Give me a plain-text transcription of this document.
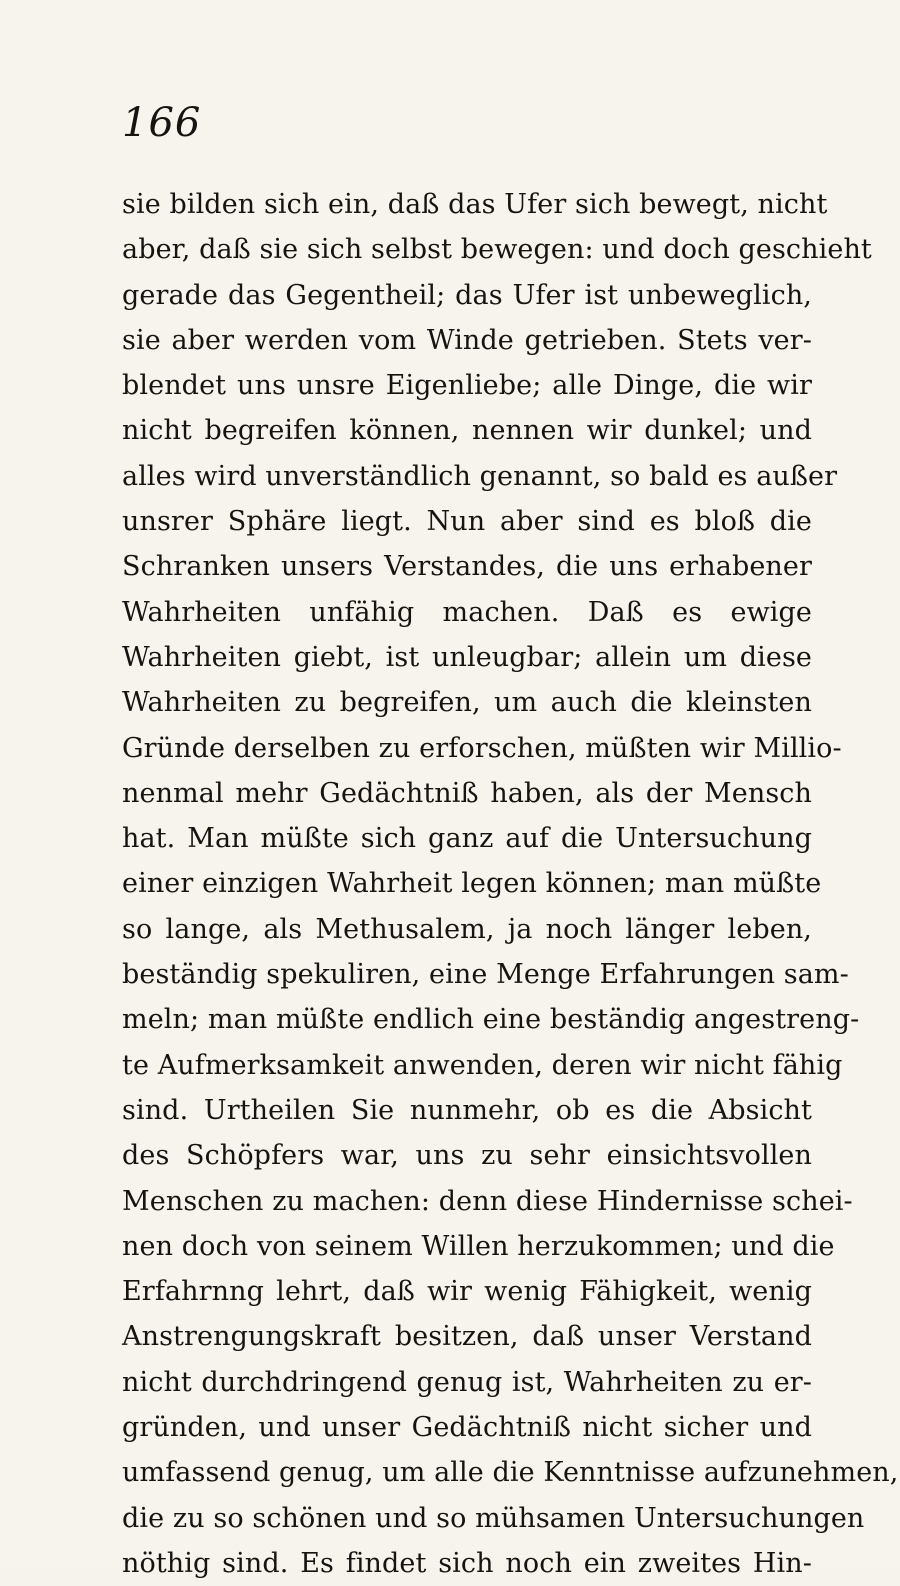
166
sie bilden sich ein, daß das Ufer sich bewegt, nicht
aber, daß sie sich selbst bewegen: und doch geschieht
gerade das Gegentheil; das Ufer ist unbeweglich,
sie aber werden vom Winde getrieben. Stets ver-
blendet uns unsre Eigenliebe; alle Dinge, die wir
nicht begreifen können, nennen wir dunkel; und
alles wird unverständlich genannt, so bald es außer
unsrer Sphäre liegt. Nun aber sind es bloß die
Schranken unsers Verstandes, die uns erhabener
Wahrheiten unfähig machen. Daß es ewige
Wahrheiten giebt, ist unleugbar; allein um diese
Wahrheiten zu begreifen, um auch die kleinsten
Gründe derselben zu erforschen, müßten wir Millio-
nenmal mehr Gedächtniß haben, als der Mensch
hat. Man müßte sich ganz auf die Untersuchung
einer einzigen Wahrheit legen können; man müßte
so lange, als Methusalem, ja noch länger leben,
beständig spekuliren, eine Menge Erfahrungen sam-
meln; man müßte endlich eine beständig angestreng-
te Aufmerksamkeit anwenden, deren wir nicht fähig
sind. Urtheilen Sie nunmehr, ob es die Absicht
des Schöpfers war, uns zu sehr einsichtsvollen
Menschen zu machen: denn diese Hindernisse schei-
nen doch von seinem Willen herzukommen; und die
Erfahrnng lehrt, daß wir wenig Fähigkeit, wenig
Anstrengungskraft besitzen, daß unser Verstand
nicht durchdringend genug ist, Wahrheiten zu er-
gründen, und unser Gedächtniß nicht sicher und
umfassend genug, um alle die Kenntnisse aufzunehmen,
die zu so schönen und so mühsamen Untersuchungen
nöthig sind. Es findet sich noch ein zweites Hin-
